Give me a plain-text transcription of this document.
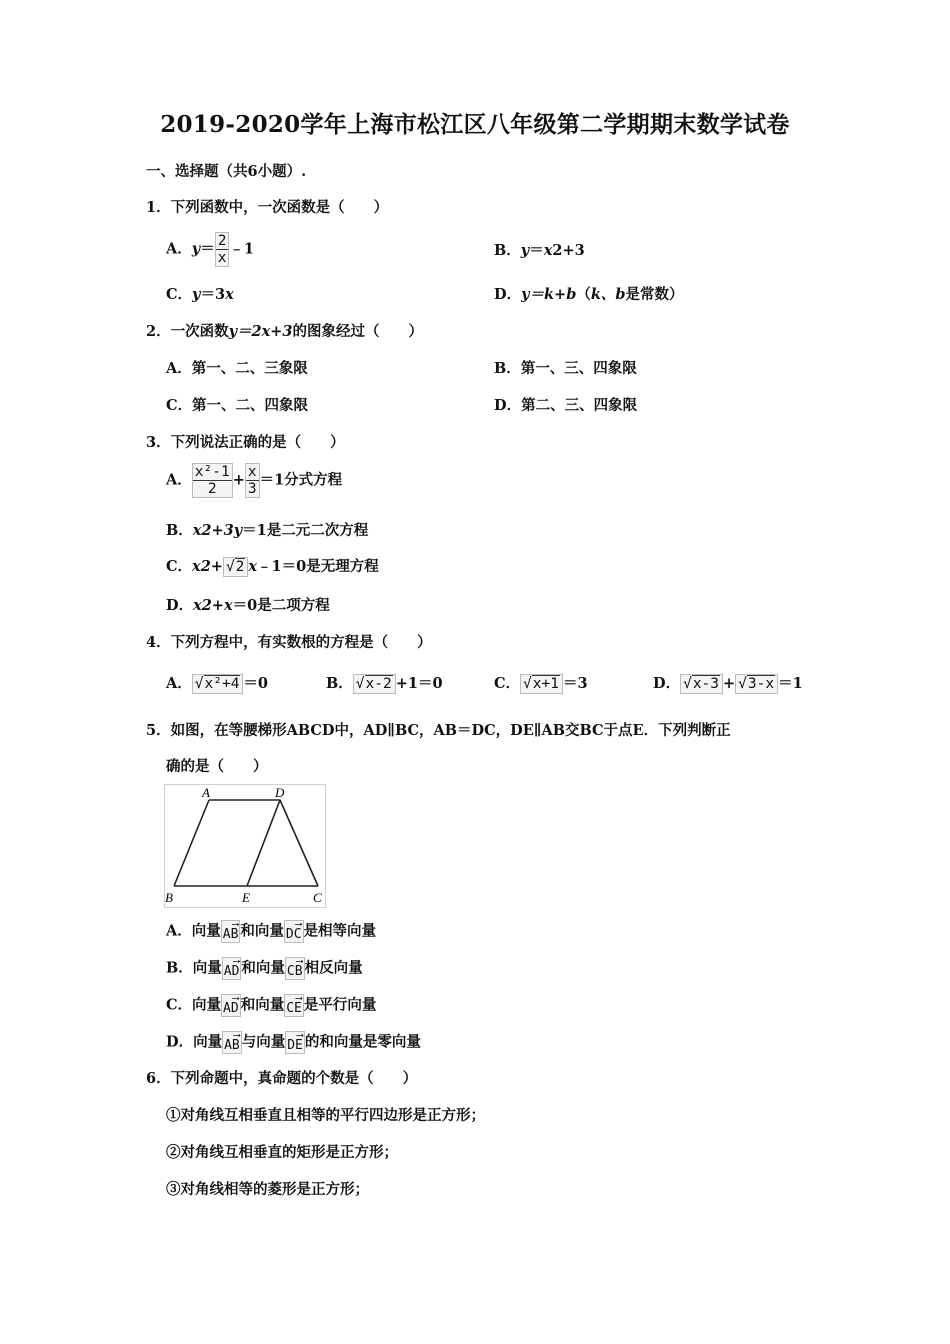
2019-2020学年上海市松江区八年级第二学期期末数学试卷
一、选择题（共6小题）.
1．下列函数中，一次函数是（　　）
A．$y= \frac{2}{x}$ ﹣1	B．y＝x2+3
C．y＝3x	D．y＝k+b（k、b是常数）
2．一次函数y＝2x+3的图象经过（　　）
A．第一、二、三象限	B．第一、三、四象限
C．第一、二、四象限	D．第二、三、四象限
3．下列说法正确的是（　　）
A． $\frac{\text{x²-1}}{2} + \frac{x}{3} =1$分式方程
B．x2+3y＝1是二元二次方程
C．x2+ √2 x﹣1＝0是无理方程
D．x2+x＝0是二项方程
4．下列方程中，有实数根的方程是（　　）
A． √x²+4 ＝0	B． √x-2 +1＝0	C． √x+1 ＝3	D． √x-3 + √3-x ＝1
5．如图，在等腰梯形ABCD中，AD∥BC，AB＝DC，DE∥AB交BC于点E．下列判断正
确的是（　　）
A	D
B	E	C
A．向量	⟶
AB 和向量	⟶
DC 是相等向量
B．向量	⟶
AD 和向量	⟶
CB 相反向量
C．向量	⟶
AD 和向量	⟶
CE 是平行向量
D．向量	⟶
AB 与向量	⟶
DE 的和向量是零向量
6．下列命题中，真命题的个数是（　　）
①对角线互相垂直且相等的平行四边形是正方形；
②对角线互相垂直的矩形是正方形；
③对角线相等的菱形是正方形；
